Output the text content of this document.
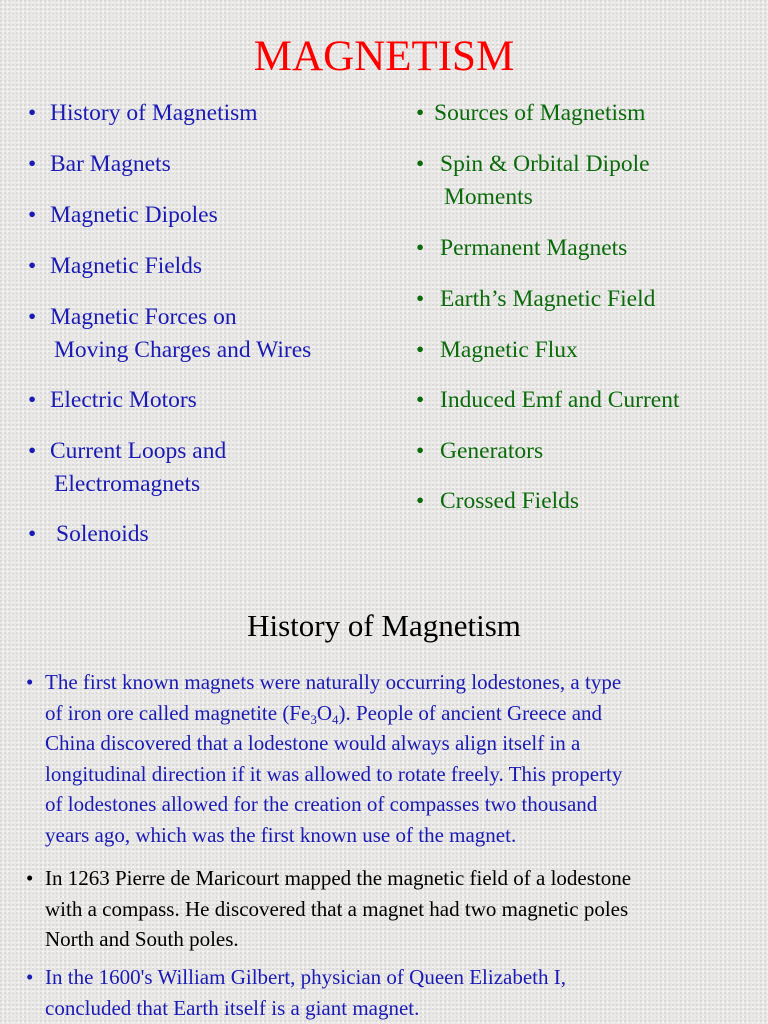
MAGNETISM
• History of Magnetism
• Bar Magnets
• Magnetic Dipoles
• Magnetic Fields
• Magnetic Forces on
Moving Charges and Wires
• Electric Motors
• Current Loops and
Electromagnets
• Solenoids
• Sources of Magnetism
• Spin & Orbital Dipole
Moments
• Permanent Magnets
• Earth’s Magnetic Field
• Magnetic Flux
• Induced Emf and Current
• Generators
• Crossed Fields
History of Magnetism
• The first known magnets were naturally occurring lodestones, a type
of iron ore called magnetite $(Fe_3O_4)$. People of ancient Greece and
China discovered that a lodestone would always align itself in a
longitudinal direction if it was allowed to rotate freely. This property
of lodestones allowed for the creation of compasses two thousand
years ago, which was the first known use of the magnet.
• In 1263 Pierre de Maricourt mapped the magnetic field of a lodestone
with a compass. He discovered that a magnet had two magnetic poles
North and South poles.
• In the 1600's William Gilbert, physician of Queen Elizabeth I,
concluded that Earth itself is a giant magnet.
